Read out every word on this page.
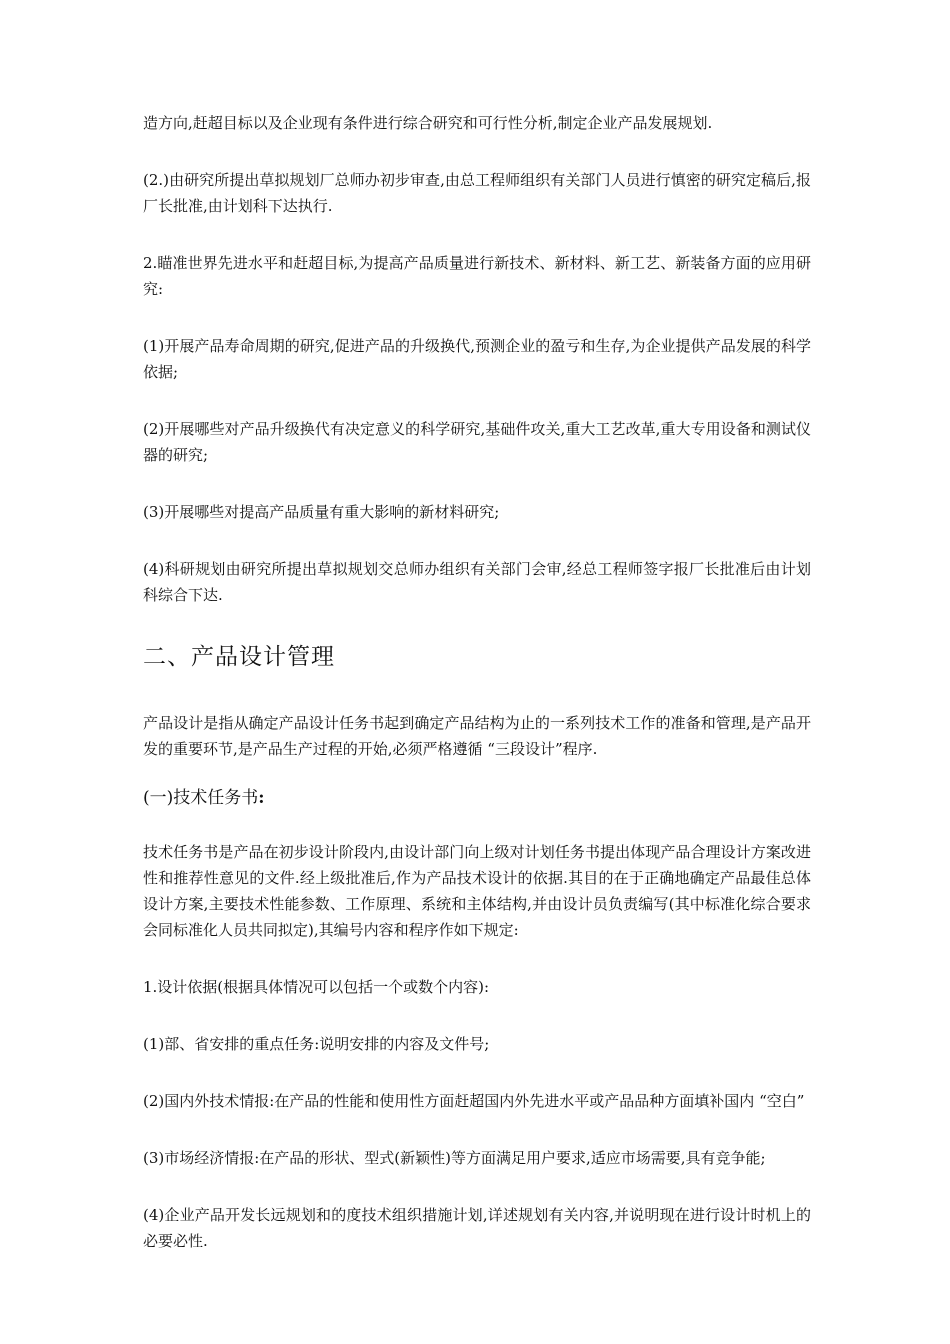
造方向,赶超目标以及企业现有条件进行综合研究和可行性分析,制定企业产品发展规划.

(2.)由研究所提出草拟规划厂总师办初步审查,由总工程师组织有关部门人员进行慎密的研究定稿后,报厂长批准,由计划科下达执行.

2.瞄准世界先进水平和赶超目标,为提高产品质量进行新技术、新材料、新工艺、新装备方面的应用研究:

(1)开展产品寿命周期的研究,促进产品的升级换代,预测企业的盈亏和生存,为企业提供产品发展的科学依据;

(2)开展哪些对产品升级换代有决定意义的科学研究,基础件攻关,重大工艺改革,重大专用设备和测试仪器的研究;

(3)开展哪些对提高产品质量有重大影响的新材料研究;

(4)科研规划由研究所提出草拟规划交总师办组织有关部门会审,经总工程师签字报厂长批准后由计划科综合下达.

二、产品设计管理

产品设计是指从确定产品设计任务书起到确定产品结构为止的一系列技术工作的准备和管理,是产品开发的重要环节,是产品生产过程的开始,必须严格遵循 “三段设计”程序.

(一)技术任务书:

技术任务书是产品在初步设计阶段内,由设计部门向上级对计划任务书提出体现产品合理设计方案改进性和推荐性意见的文件.经上级批准后,作为产品技术设计的依据.其目的在于正确地确定产品最佳总体设计方案,主要技术性能参数、工作原理、系统和主体结构,并由设计员负责编写(其中标准化综合要求会同标准化人员共同拟定),其编号内容和程序作如下规定:

1.设计依据(根据具体情况可以包括一个或数个内容):

(1)部、省安排的重点任务:说明安排的内容及文件号;

(2)国内外技术情报:在产品的性能和使用性方面赶超国内外先进水平或产品品种方面填补国内 “空白”

(3)市场经济情报:在产品的形状、型式(新颖性)等方面满足用户要求,适应市场需要,具有竞争能;

(4)企业产品开发长远规划和的度技术组织措施计划,详述规划有关内容,并说明现在进行设计时机上的必要必性.
